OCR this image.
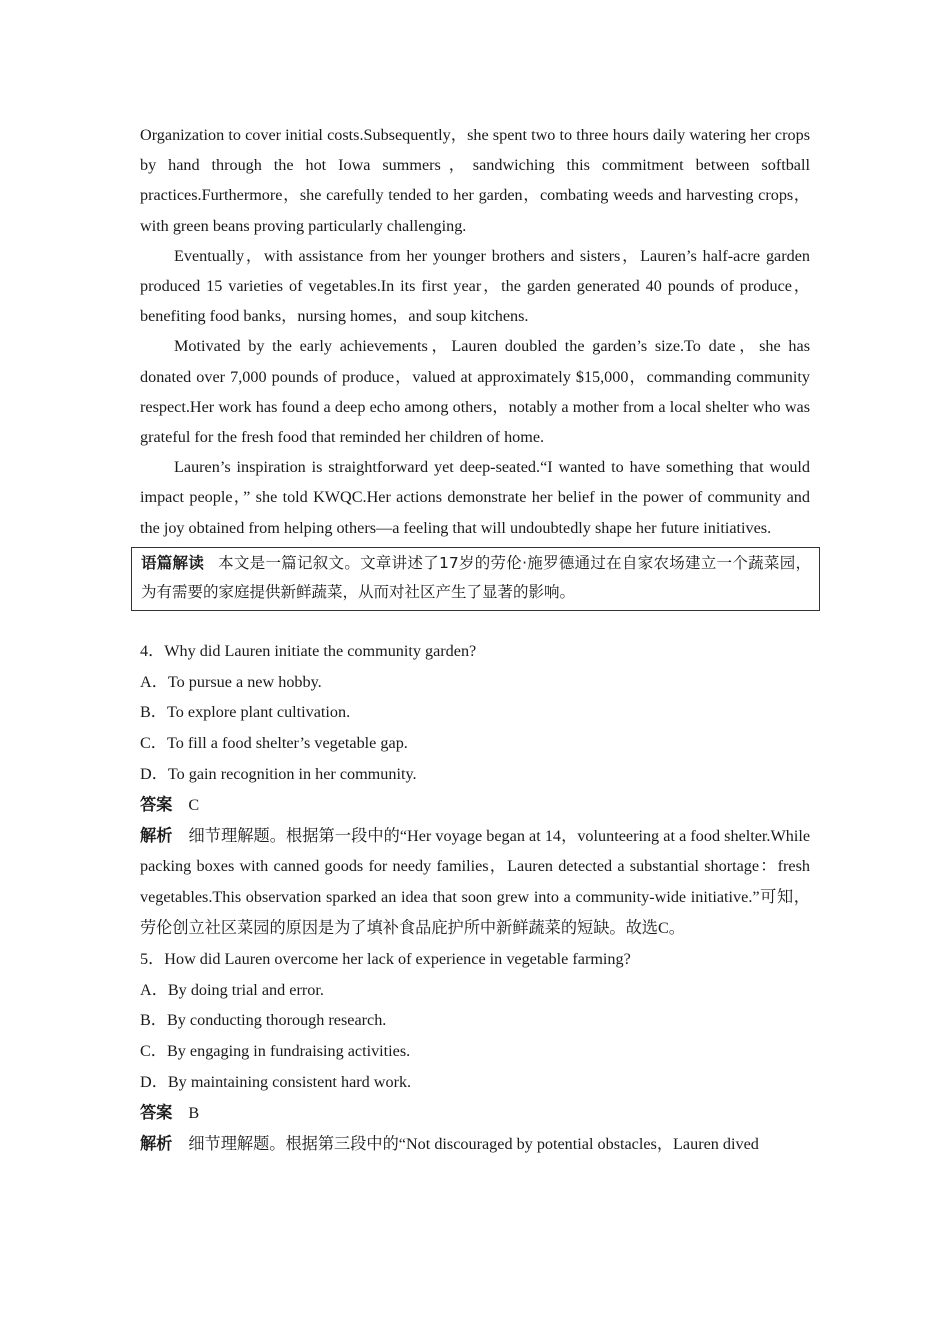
Organization to cover initial costs.Subsequently，she spent two to three hours daily watering her crops by hand through the hot Iowa summers，sandwiching this commitment between softball practices.Furthermore，she carefully tended to her garden，combating weeds and harvesting crops，with green beans proving particularly challenging.

Eventually，with assistance from her younger brothers and sisters，Lauren’s half-acre garden produced 15 varieties of vegetables.In its first year，the garden generated 40 pounds of produce，benefiting food banks，nursing homes，and soup kitchens.

Motivated by the early achievements，Lauren doubled the garden’s size.To date，she has donated over 7,000 pounds of produce，valued at approximately $15,000，commanding community respect.Her work has found a deep echo among others，notably a mother from a local shelter who was grateful for the fresh food that reminded her children of home.

Lauren’s inspiration is straightforward yet deep-seated.“I wanted to have something that would impact people，” she told KWQC.Her actions demonstrate her belief in the power of community and the joy obtained from helping others—a feeling that will undoubtedly shape her future initiatives.

语篇解读 本文是一篇记叙文。文章讲述了17岁的劳伦·施罗德通过在自家农场建立一个蔬菜园，为有需要的家庭提供新鲜蔬菜，从而对社区产生了显著的影响。

4．Why did Lauren initiate the community garden?

A．To pursue a new hobby.

B．To explore plant cultivation.

C．To fill a food shelter’s vegetable gap.

D．To gain recognition in her community.

答案 C

解析 细节理解题。根据第一段中的“Her voyage began at 14，volunteering at a food shelter.While packing boxes with canned goods for needy families，Lauren detected a substantial shortage：fresh vegetables.This observation sparked an idea that soon grew into a community-wide initiative.”可知，劳伦创立社区菜园的原因是为了填补食品庇护所中新鲜蔬菜的短缺。故选C。

5．How did Lauren overcome her lack of experience in vegetable farming?

A．By doing trial and error.

B．By conducting thorough research.

C．By engaging in fundraising activities.

D．By maintaining consistent hard work.

答案 B

解析 细节理解题。根据第三段中的“Not discouraged by potential obstacles，Lauren dived
